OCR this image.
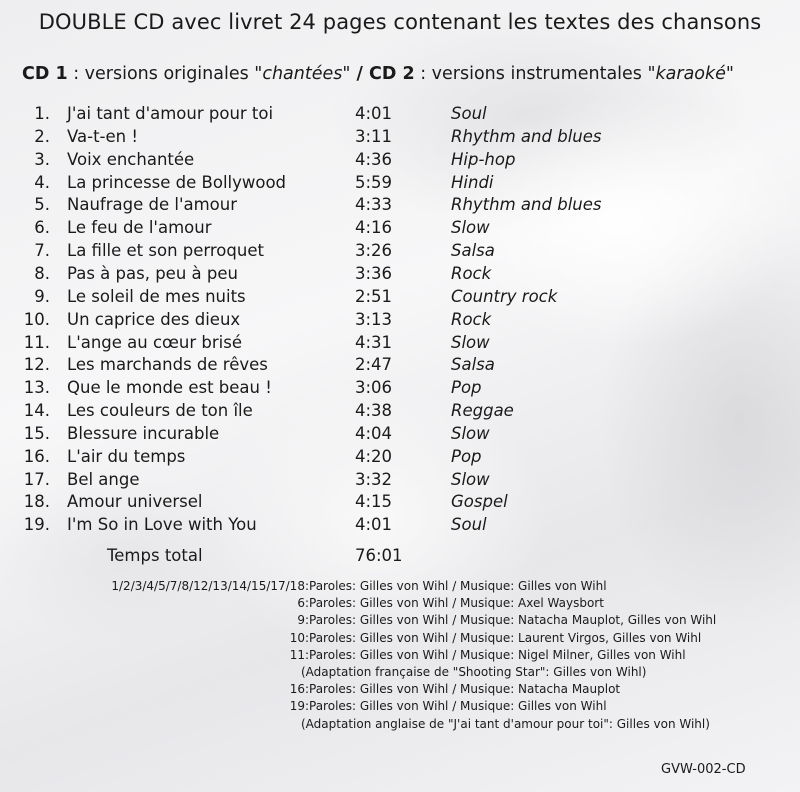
DOUBLE CD avec livret 24 pages contenant les textes des chansons
CD 1 : versions originales "chantées" / CD 2 : versions instrumentales "karaoké"
1. J'ai tant d'amour pour toi	4:01	Soul
2. Va-t-en !	3:11	Rhythm and blues
3. Voix enchantée	4:36	Hip-hop
4. La princesse de Bollywood	5:59	Hindi
5. Naufrage de l'amour	4:33	Rhythm and blues
6. Le feu de l'amour	4:16	Slow
7. La fille et son perroquet	3:26	Salsa
8. Pas à pas, peu à peu	3:36	Rock
9. Le soleil de mes nuits	2:51	Country rock
10. Un caprice des dieux	3:13	Rock
11. L'ange au cœur brisé	4:31	Slow
12. Les marchands de rêves	2:47	Salsa
13. Que le monde est beau !	3:06	Pop
14. Les couleurs de ton île	4:38	Reggae
15. Blessure incurable	4:04	Slow
16. L'air du temps	4:20	Pop
17. Bel ange	3:32	Slow
18. Amour universel	4:15	Gospel
19. I'm So in Love with You	4:01	Soul
Temps total	76:01
1/2/3/4/5/7/8/12/13/14/15/17/18: Paroles: Gilles von Wihl / Musique: Gilles von Wihl
6: Paroles: Gilles von Wihl / Musique: Axel Waysbort
9: Paroles: Gilles von Wihl / Musique: Natacha Mauplot, Gilles von Wihl
10: Paroles: Gilles von Wihl / Musique: Laurent Virgos, Gilles von Wihl
11: Paroles: Gilles von Wihl / Musique: Nigel Milner, Gilles von Wihl
(Adaptation française de "Shooting Star": Gilles von Wihl)
16: Paroles: Gilles von Wihl / Musique: Natacha Mauplot
19: Paroles: Gilles von Wihl / Musique: Gilles von Wihl
(Adaptation anglaise de "J'ai tant d'amour pour toi": Gilles von Wihl)
GVW-002-CD
